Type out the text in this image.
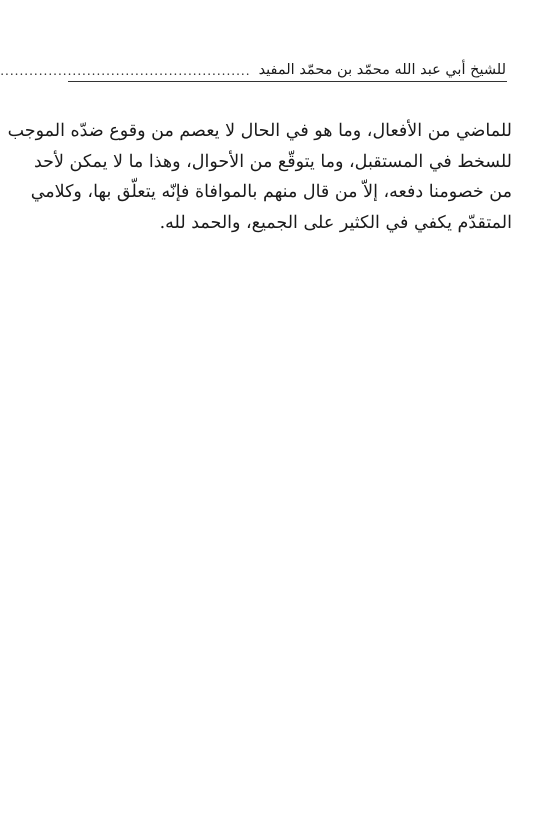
للشيخ أبي عبد الله محمّد بن محمّد المفيد
....................................................
للماضي من الأفعال، وما هو في الحال لا يعصم من وقوع ضدّه الموجب
للسخط في المستقبل، وما يتوقّع من الأحوال، وهذا ما لا يمكن لأحد
من خصومنا دفعه، إلاّ من قال منهم بالموافاة فإنّه يتعلّق بها، وكلامي
المتقدّم يكفي في الكثير على الجميع، والحمد لله.
